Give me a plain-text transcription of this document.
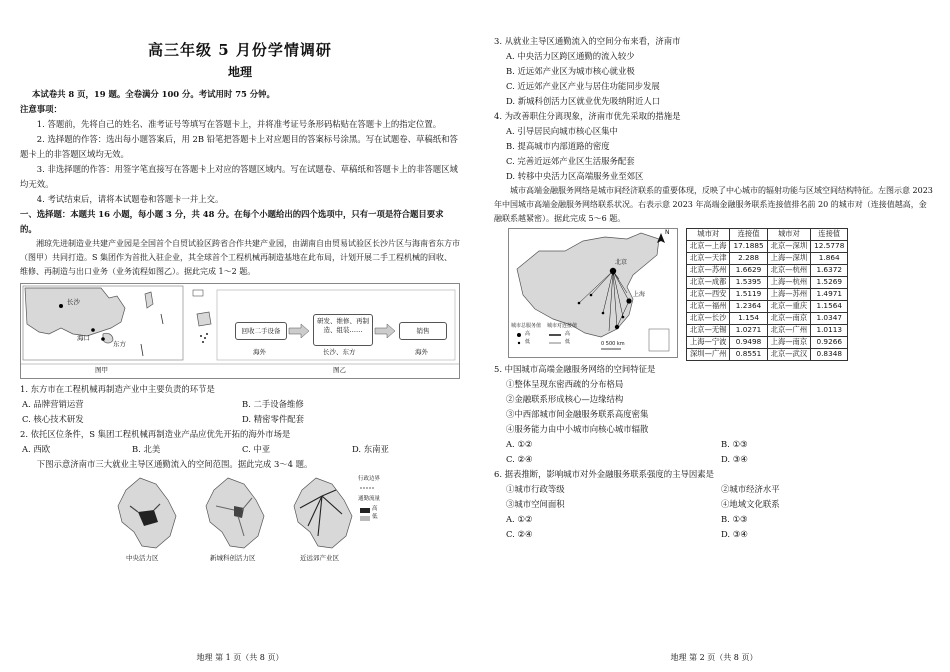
高三年级 5 月份学情调研
地理
本试卷共 8 页，19 题。全卷满分 100 分。考试用时 75 分钟。
注意事项：
1. 答题前，先将自己的姓名、准考证号等填写在答题卡上，并将准考证号条形码粘贴在答题卡上的指定位置。
2. 选择题的作答：选出每小题答案后，用 2B 铅笔把答题卡上对应题目的答案标号涂黑。写在试题卷、草稿纸和答题卡上的非答题区域均无效。
3. 非选择题的作答：用签字笔直接写在答题卡上对应的答题区域内。写在试题卷、草稿纸和答题卡上的非答题区域均无效。
4. 考试结束后，请将本试题卷和答题卡一并上交。
一、选择题：本题共 16 小题，每小题 3 分，共 48 分。在每个小题给出的四个选项中，只有一项是符合题目要求的。
湘琼先进制造业共建产业园是全国首个自贸试验区跨省合作共建产业园，由湖南自由贸易试验区长沙片区与海南省东方市（图甲）共同打造。S 集团作为首批入驻企业，其全球首个工程机械再制造基地在此布局，计划开展二手工程机械的回收、维修、再制造与出口业务（业务流程如图乙）。据此完成 1～2 题。
长沙
海口
东方
回收二手设备
研发、维修、再制造、组装……	销售
海外	长沙、东方	海外
图甲	图乙
1. 东方市在工程机械再制造产业中主要负责的环节是
A. 品牌营销运营	B. 二手设备维修
C. 核心技术研发	D. 精密零件配套
2. 依托区位条件，S 集团工程机械再制造业产品应优先开拓的海外市场是
A. 西欧	B. 北美	C. 中亚	D. 东南亚
下图示意济南市三大就业主导区通勤流入的空间范围。据此完成 3～4 题。
中央活力区	新城科创活力区	近远郊产业区
行政边界
通勤流量
高
低
地理 第 1 页（共 8 页）
3. 从就业主导区通勤流入的空间分布来看，济南市
A. 中央活力区跨区通勤的流入较少
B. 近远郊产业区为城市核心就业极
C. 近远郊产业区产业与居住功能同步发展
D. 新城科创活力区就业优先吸纳附近人口
4. 为改善职住分离现象，济南市优先采取的措施是
A. 引导居民向城市核心区集中
B. 提高城市内部道路的密度
C. 完善近远郊产业区生活服务配套
D. 转移中央活力区高端服务业至郊区
城市高端金融服务网络是城市间经济联系的重要体现，反映了中心城市的辐射功能与区域空间结构特征。左图示意 2023 年中国城市高端金融服务网络联系状况。右表示意 2023 年高端金融服务联系连接值排名前 20 的城市对（连接值越高，金融联系越紧密）。据此完成 5～6 题。
N
北京
上海
城市总服务值
高
低
城市对连接值
高
低	0 500 km
城市对	连接值	城市对	连接值
北京—上海	17.1885	北京—深圳	12.5778
北京—天津	2.288	上海—深圳	1.864
北京—苏州	1.6629	北京—杭州	1.6372
北京—成都	1.5395	上海—杭州	1.5269
北京—西安	1.5119	上海—苏州	1.4971
北京—福州	1.2364	北京—重庆	1.1564
北京—长沙	1.154	北京—南京	1.0347
北京—无锡	1.0271	北京—广州	1.0113
上海—宁波	0.9498	上海—南京	0.9266
深圳—广州	0.8551	北京—武汉	0.8348
5. 中国城市高端金融服务网络的空间特征是
①整体呈现东密西疏的分布格局
②金融联系形成核心—边缘结构
③中西部城市间金融服务联系高度密集
④服务能力由中小城市向核心城市辐散
A. ①②	B. ①③
C. ②④	D. ③④
6. 据表推断，影响城市对外金融服务联系强度的主导因素是
①城市行政等级	②城市经济水平
③城市空间面积	④地域文化联系
A. ①②	B. ①③
C. ②④	D. ③④
地理 第 2 页（共 8 页）
